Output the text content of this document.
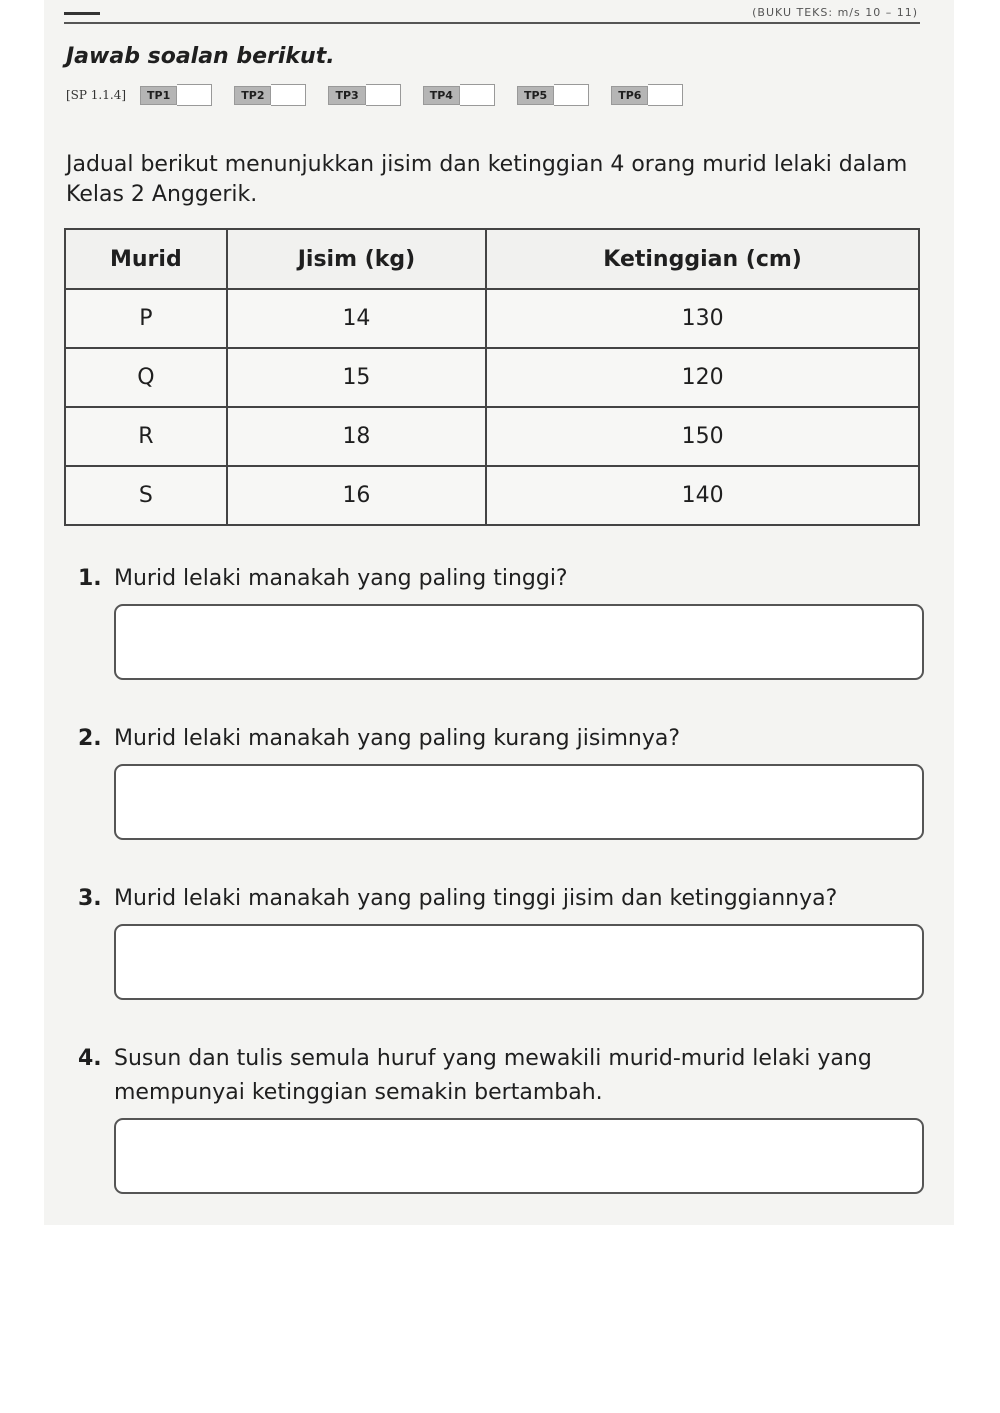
(BUKU TEKS: m/s 10 – 11)
Jawab soalan berikut.
[SP 1.1.4]	TP1	TP2	TP3	TP4	TP5	TP6
Jadual berikut menunjukkan jisim dan ketinggian 4 orang murid lelaki dalam Kelas 2 Anggerik.
Murid	Jisim (kg)	Ketinggian (cm)
P	14	130
Q	15	120
R	18	150
S	16	140
1. Murid lelaki manakah yang paling tinggi?
2. Murid lelaki manakah yang paling kurang jisimnya?
3. Murid lelaki manakah yang paling tinggi jisim dan ketinggiannya?
4. Susun dan tulis semula huruf yang mewakili murid-murid lelaki yang mempunyai ketinggian semakin bertambah.
